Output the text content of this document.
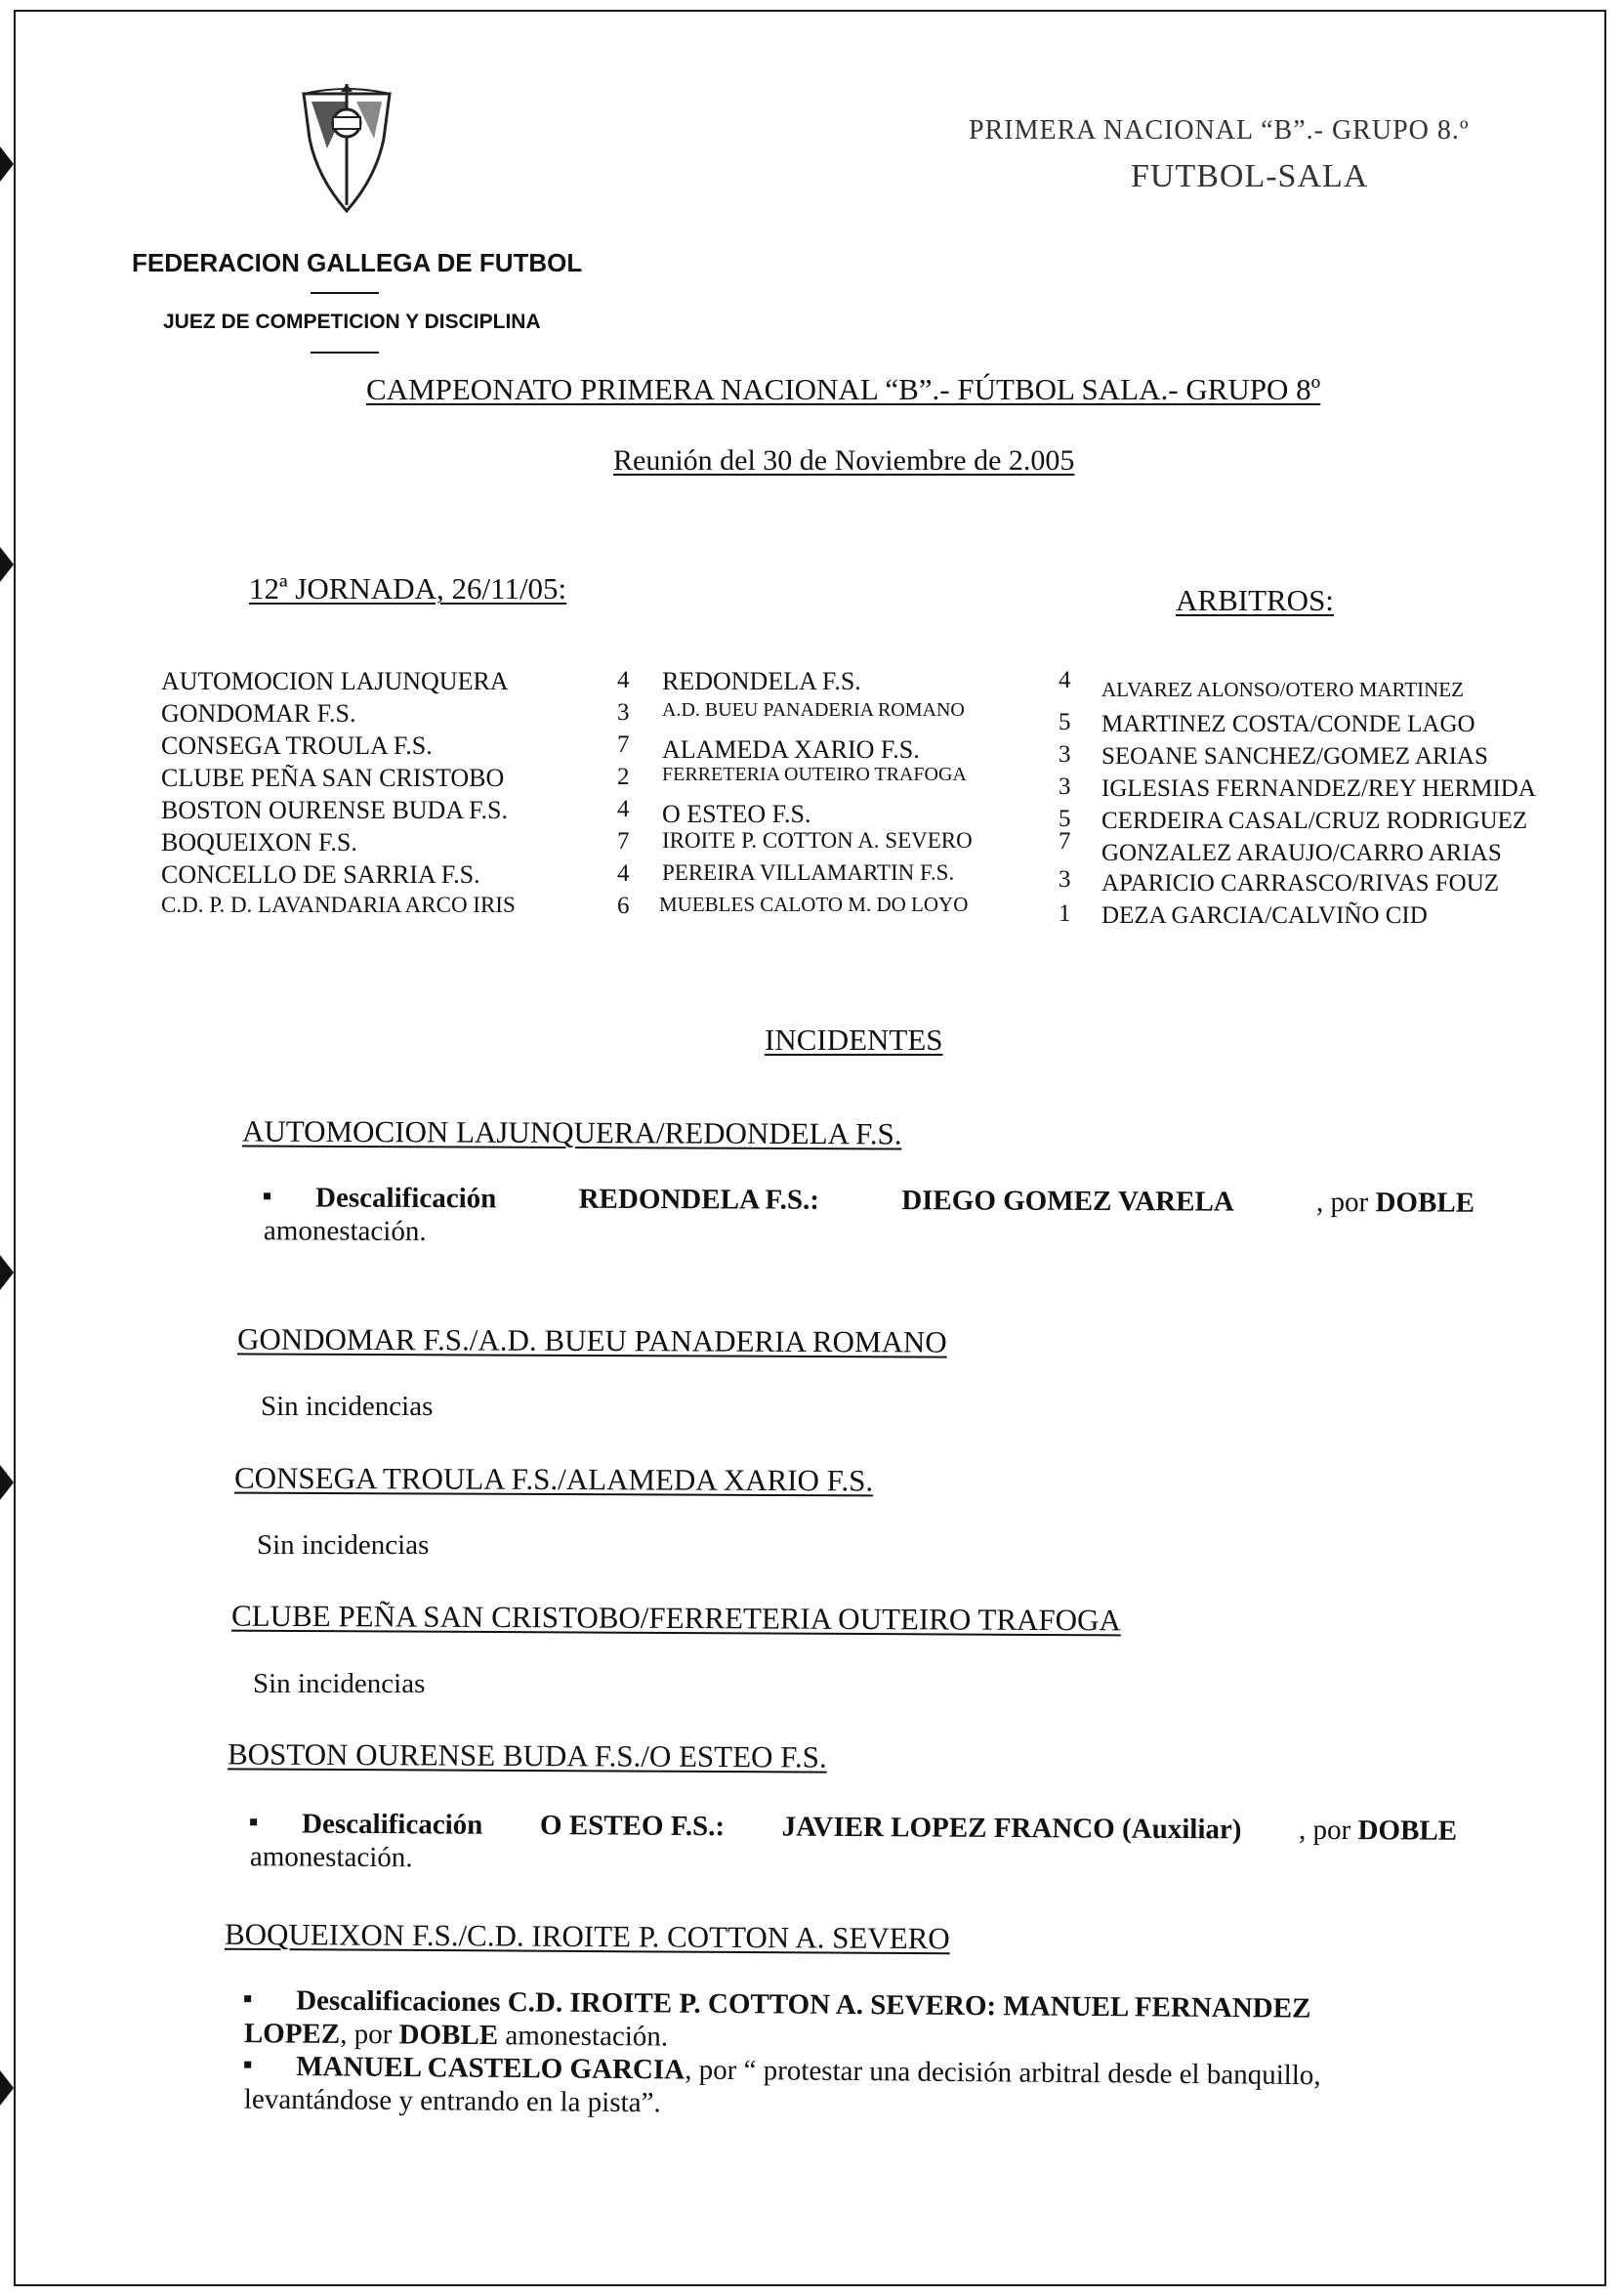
PRIMERA NACIONAL “B”.- GRUPO 8.º
FUTBOL-SALA
FEDERACION GALLEGA DE FUTBOL
JUEZ DE COMPETICION Y DISCIPLINA
CAMPEONATO PRIMERA NACIONAL “B”.- FÚTBOL SALA.- GRUPO 8º
Reunión del 30 de Noviembre de 2.005
12ª JORNADA, 26/11/05:	ARBITROS:
AUTOMOCION LAJUNQUERA	4 REDONDELA F.S.	4 ALVAREZ ALONSO/OTERO MARTINEZ
GONDOMAR F.S.	3 A.D. BUEU PANADERIA ROMANO	5 MARTINEZ COSTA/CONDE LAGO
CONSEGA TROULA F.S.	7 ALAMEDA XARIO F.S.	3 SEOANE SANCHEZ/GOMEZ ARIAS
CLUBE PEÑA SAN CRISTOBO	2 FERRETERIA OUTEIRO TRAFOGA	3 IGLESIAS FERNANDEZ/REY HERMIDA
BOSTON OURENSE BUDA F.S.	4 O ESTEO F.S.	5 CERDEIRA CASAL/CRUZ RODRIGUEZ
BOQUEIXON F.S.	7 IROITE P. COTTON A. SEVERO	7 GONZALEZ ARAUJO/CARRO ARIAS
CONCELLO DE SARRIA F.S.	4 PEREIRA VILLAMARTIN F.S.	3 APARICIO CARRASCO/RIVAS FOUZ
C.D. P. D. LAVANDARIA ARCO IRIS	6 MUEBLES CALOTO M. DO LOYO	1 DEZA GARCIA/CALVIÑO CID
INCIDENTES
AUTOMOCION LAJUNQUERA/REDONDELA F.S.
Descalificación	REDONDELA F.S.:	DIEGO GOMEZ VARELA	, por DOBLE
amonestación.
GONDOMAR F.S./A.D. BUEU PANADERIA ROMANO
Sin incidencias
CONSEGA TROULA F.S./ALAMEDA XARIO F.S.
Sin incidencias
CLUBE PEÑA SAN CRISTOBO/FERRETERIA OUTEIRO TRAFOGA
Sin incidencias
BOSTON OURENSE BUDA F.S./O ESTEO F.S.
Descalificación O ESTEO F.S.: JAVIER LOPEZ FRANCO (Auxiliar) , por DOBLE
amonestación.
BOQUEIXON F.S./C.D. IROITE P. COTTON A. SEVERO
Descalificaciones C.D. IROITE P. COTTON A. SEVERO: MANUEL FERNANDEZ
LOPEZ, por DOBLE amonestación.
MANUEL CASTELO GARCIA, por “ protestar una decisión arbitral desde el banquillo,
levantándose y entrando en la pista”.
